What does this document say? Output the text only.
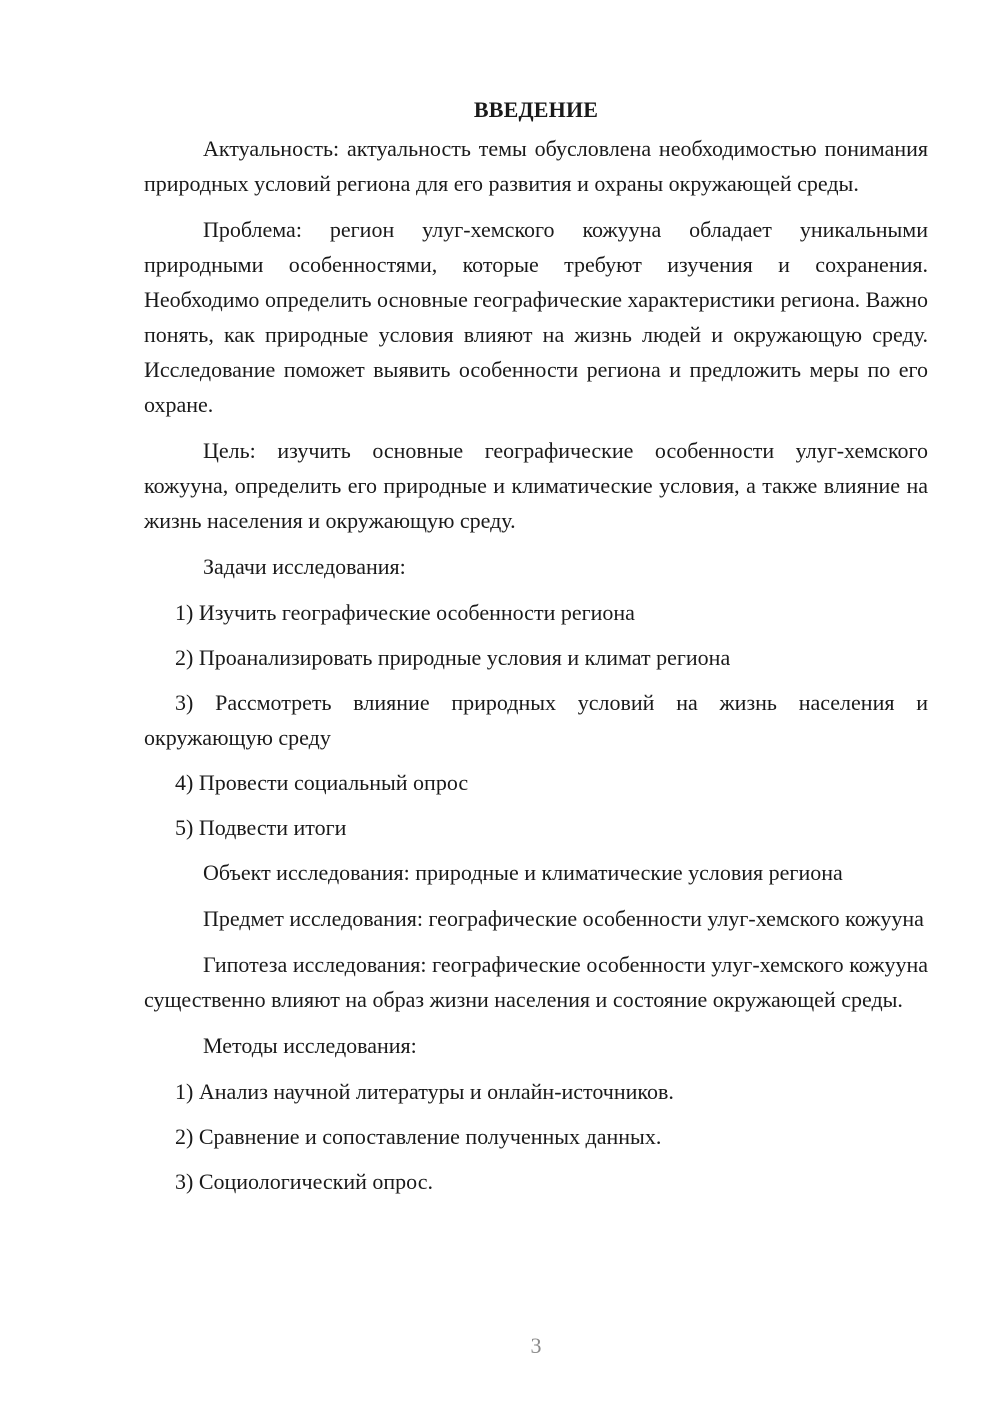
ВВЕДЕНИЕ

Актуальность: актуальность темы обусловлена необходимостью понимания природных условий региона для его развития и охраны окружающей среды.

Проблема: регион улуг-хемского кожууна обладает уникальными природными особенностями, которые требуют изучения и сохранения. Необходимо определить основные географические характеристики региона. Важно понять, как природные условия влияют на жизнь людей и окружающую среду. Исследование поможет выявить особенности региона и предложить меры по его охране.

Цель: изучить основные географические особенности улуг-хемского кожууна, определить его природные и климатические условия, а также влияние на жизнь населения и окружающую среду.

Задачи исследования:

1) Изучить географические особенности региона

2) Проанализировать природные условия и климат региона

3) Рассмотреть влияние природных условий на жизнь населения и окружающую среду

4) Провести социальный опрос

5) Подвести итоги

Объект исследования: природные и климатические условия региона

Предмет исследования: географические особенности улуг-хемского кожууна

Гипотеза исследования: географические особенности улуг-хемского кожууна существенно влияют на образ жизни населения и состояние окружающей среды.

Методы исследования:

1) Анализ научной литературы и онлайн-источников.

2) Сравнение и сопоставление полученных данных.

3) Социологический опрос.

3
